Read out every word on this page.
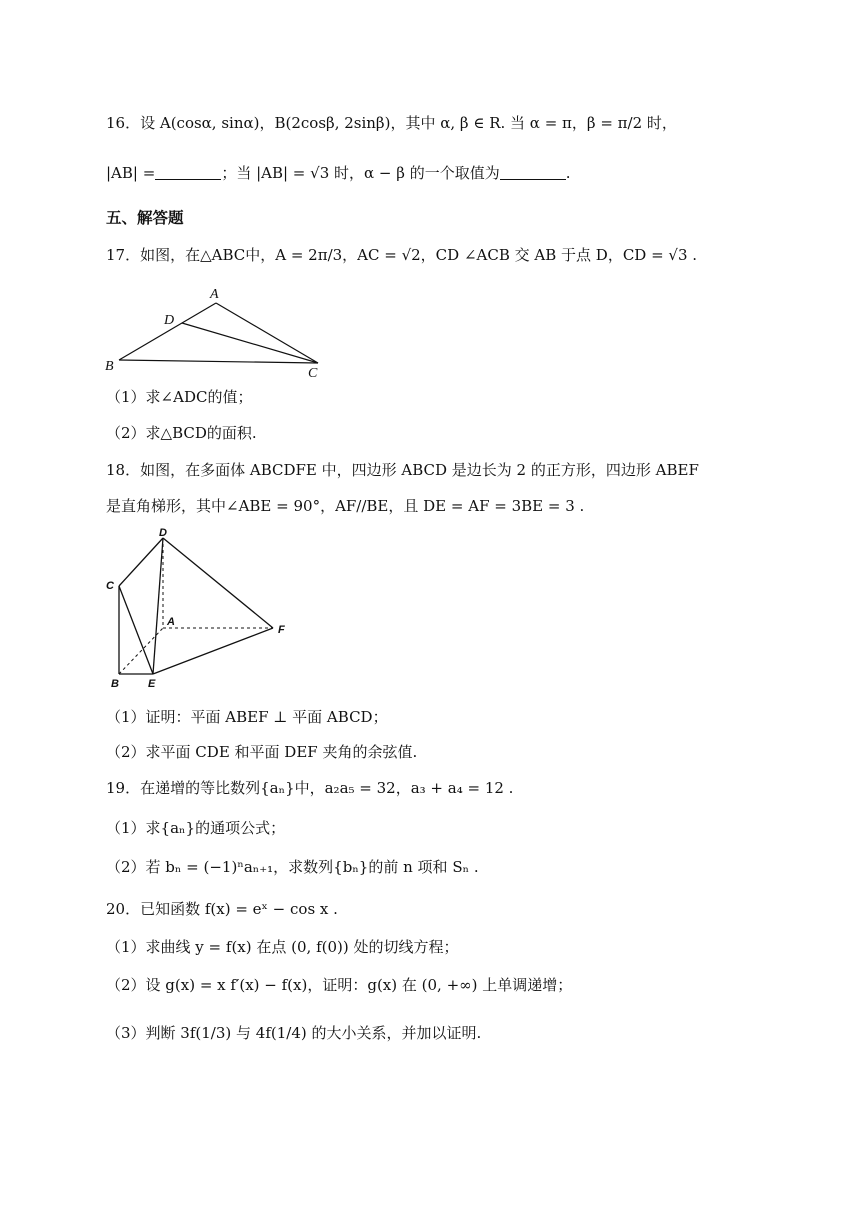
16．设 A(cosα, sinα)，B(2cosβ, 2sinβ)，其中 α, β ∈ R. 当 α = π，β = π/2 时，
|AB| =	；当 |AB| = √3 时，α − β 的一个取值为	.
五、解答题
17．如图，在△ABC中，A = 2π/3，AC = √2，CD ∠ACB 交 AB 于点 D，CD = √3 .
A
D
B	C
（1）求∠ADC的值；
（2）求△BCD的面积.
18．如图，在多面体 ABCDFE 中，四边形 ABCD 是边长为 2 的正方形，四边形 ABEF
是直角梯形，其中∠ABE = 90°，AF//BE，且 DE = AF = 3BE = 3 .
D
C
A
F
B	E
（1）证明：平面 ABEF ⊥ 平面 ABCD；
（2）求平面 CDE 和平面 DEF 夹角的余弦值.
19．在递增的等比数列{aₙ}中，a₂a₅ = 32，a₃ + a₄ = 12 .
（1）求{aₙ}的通项公式；
（2）若 bₙ = (−1)ⁿaₙ₊₁，求数列{bₙ}的前 n 项和 Sₙ .
20．已知函数 f(x) = eˣ − cos x .
（1）求曲线 y = f(x) 在点 (0, f(0)) 处的切线方程；
（2）设 g(x) = x f′(x) − f(x)，证明：g(x) 在 (0, +∞) 上单调递增；
（3）判断 3f(1/3) 与 4f(1/4) 的大小关系，并加以证明.
